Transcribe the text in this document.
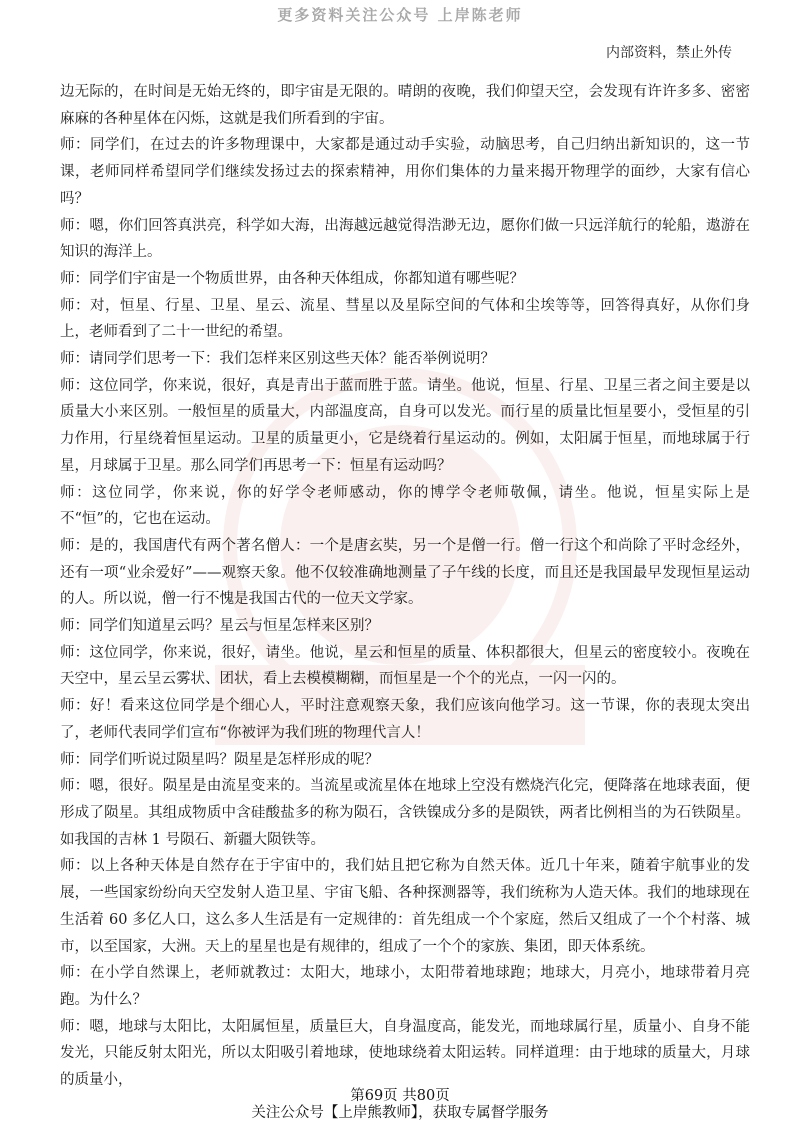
更多资料关注公众号 上岸陈老师
内部资料，禁止外传

边无际的，在时间是无始无终的，即宇宙是无限的。晴朗的夜晚，我们仰望天空，会发现有许许多多、密密麻麻的各种星体在闪烁，这就是我们所看到的宇宙。

师：同学们，在过去的许多物理课中，大家都是通过动手实验，动脑思考，自己归纳出新知识的，这一节课，老师同样希望同学们继续发扬过去的探索精神，用你们集体的力量来揭开物理学的面纱，大家有信心吗？

师：嗯，你们回答真洪亮，科学如大海，出海越远越觉得浩渺无边，愿你们做一只远洋航行的轮船，遨游在知识的海洋上。

师：同学们宇宙是一个物质世界，由各种天体组成，你都知道有哪些呢？

师：对，恒星、行星、卫星、星云、流星、彗星以及星际空间的气体和尘埃等等，回答得真好，从你们身上，老师看到了二十一世纪的希望。

师：请同学们思考一下：我们怎样来区别这些天体？能否举例说明？

师：这位同学，你来说，很好，真是青出于蓝而胜于蓝。请坐。他说，恒星、行星、卫星三者之间主要是以质量大小来区别。一般恒星的质量大，内部温度高，自身可以发光。而行星的质量比恒星要小，受恒星的引力作用，行星绕着恒星运动。卫星的质量更小，它是绕着行星运动的。例如，太阳属于恒星，而地球属于行星，月球属于卫星。那么同学们再思考一下：恒星有运动吗？

师：这位同学，你来说，你的好学令老师感动，你的博学令老师敬佩，请坐。他说，恒星实际上是不“恒”的，它也在运动。

师：是的，我国唐代有两个著名僧人：一个是唐玄奘，另一个是僧一行。僧一行这个和尚除了平时念经外，还有一项“业余爱好”——观察天象。他不仅较准确地测量了子午线的长度，而且还是我国最早发现恒星运动的人。所以说，僧一行不愧是我国古代的一位天文学家。

师：同学们知道星云吗？星云与恒星怎样来区别？

师：这位同学，你来说，很好，请坐。他说，星云和恒星的质量、体积都很大，但星云的密度较小。夜晚在天空中，星云呈云雾状、团状，看上去模模糊糊，而恒星是一个个的光点，一闪一闪的。

师：好！看来这位同学是个细心人，平时注意观察天象，我们应该向他学习。这一节课，你的表现太突出了，老师代表同学们宣布“你被评为我们班的物理代言人！

师：同学们听说过陨星吗？陨星是怎样形成的呢？

师：嗯，很好。陨星是由流星变来的。当流星或流星体在地球上空没有燃烧汽化完，便降落在地球表面，便形成了陨星。其组成物质中含硅酸盐多的称为陨石，含铁镍成分多的是陨铁，两者比例相当的为石铁陨星。如我国的吉林 1 号陨石、新疆大陨铁等。

师：以上各种天体是自然存在于宇宙中的，我们姑且把它称为自然天体。近几十年来，随着宇航事业的发展，一些国家纷纷向天空发射人造卫星、宇宙飞船、各种探测器等，我们统称为人造天体。我们的地球现在生活着 60 多亿人口，这么多人生活是有一定规律的：首先组成一个个家庭，然后又组成了一个个村落、城市，以至国家，大洲。天上的星星也是有规律的，组成了一个个的家族、集团，即天体系统。

师：在小学自然课上，老师就教过：太阳大，地球小，太阳带着地球跑；地球大，月亮小，地球带着月亮跑。为什么？

师：嗯，地球与太阳比，太阳属恒星，质量巨大，自身温度高，能发光，而地球属行星，质量小、自身不能发光，只能反射太阳光，所以太阳吸引着地球，使地球绕着太阳运转。同样道理：由于地球的质量大，月球的质量小，

第69页 共80页
关注公众号【上岸熊教师】，获取专属督学服务
